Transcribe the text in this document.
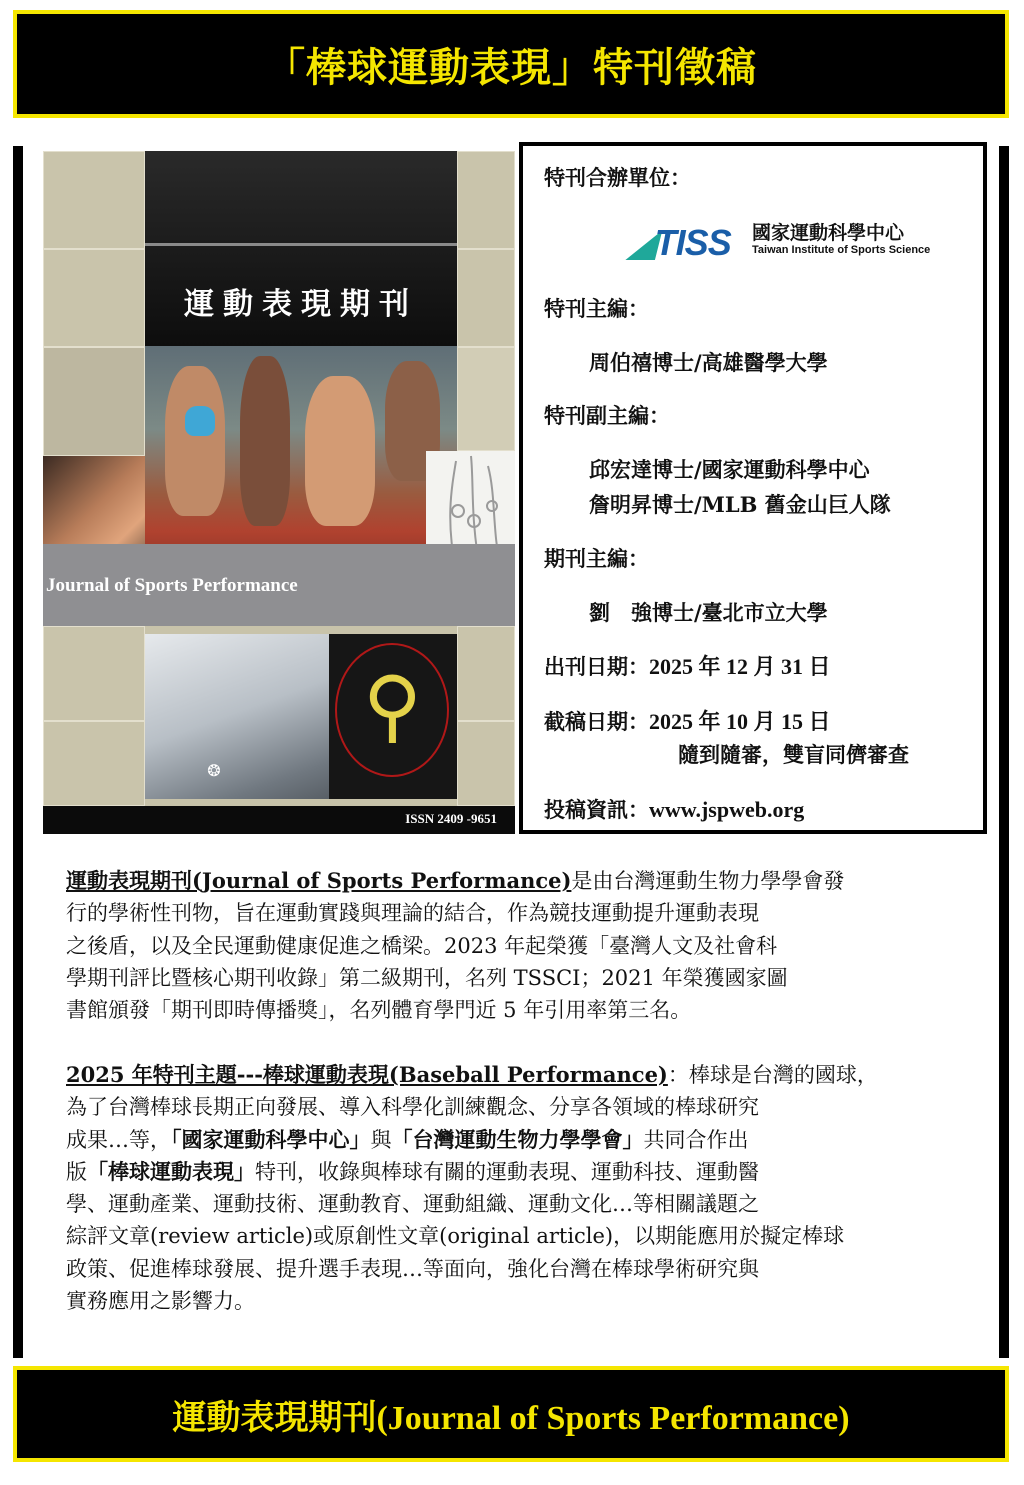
「棒球運動表現」特刊徵稿
運動表現期刊
Journal of Sports Performance
⚲
❂
ISSN 2409 -9651
特刊合辦單位：
◢TISS 國家運動科學中心
Taiwan Institute of Sports Science
特刊主編：
周伯禧博士/高雄醫學大學
特刊副主編：
邱宏達博士/國家運動科學中心
詹明昇博士/MLB 舊金山巨人隊
期刊主編：
劉　強博士/臺北市立大學
出刊日期：2025 年 12 月 31 日
截稿日期：2025 年 10 月 15 日
隨到隨審，雙盲同儕審查
投稿資訊：www.jspweb.org
運動表現期刊(Journal of Sports Performance)是由台灣運動生物力學學會發
行的學術性刊物，旨在運動實踐與理論的結合，作為競技運動提升運動表現
之後盾，以及全民運動健康促進之橋梁。2023 年起榮獲「臺灣人文及社會科
學期刊評比暨核心期刊收錄」第二級期刊，名列 TSSCI；2021 年榮獲國家圖
書館頒發「期刊即時傳播獎」，名列體育學門近 5 年引用率第三名。
2025 年特刊主題---棒球運動表現(Baseball Performance)：棒球是台灣的國球，
為了台灣棒球長期正向發展、導入科學化訓練觀念、分享各領域的棒球研究
成果…等，「國家運動科學中心」與「台灣運動生物力學學會」共同合作出
版「棒球運動表現」特刊，收錄與棒球有關的運動表現、運動科技、運動醫
學、運動產業、運動技術、運動教育、運動組織、運動文化…等相關議題之
綜評文章(review article)或原創性文章(original article)，以期能應用於擬定棒球
政策、促進棒球發展、提升選手表現…等面向，強化台灣在棒球學術研究與
實務應用之影響力。
運動表現期刊(Journal of Sports Performance)
